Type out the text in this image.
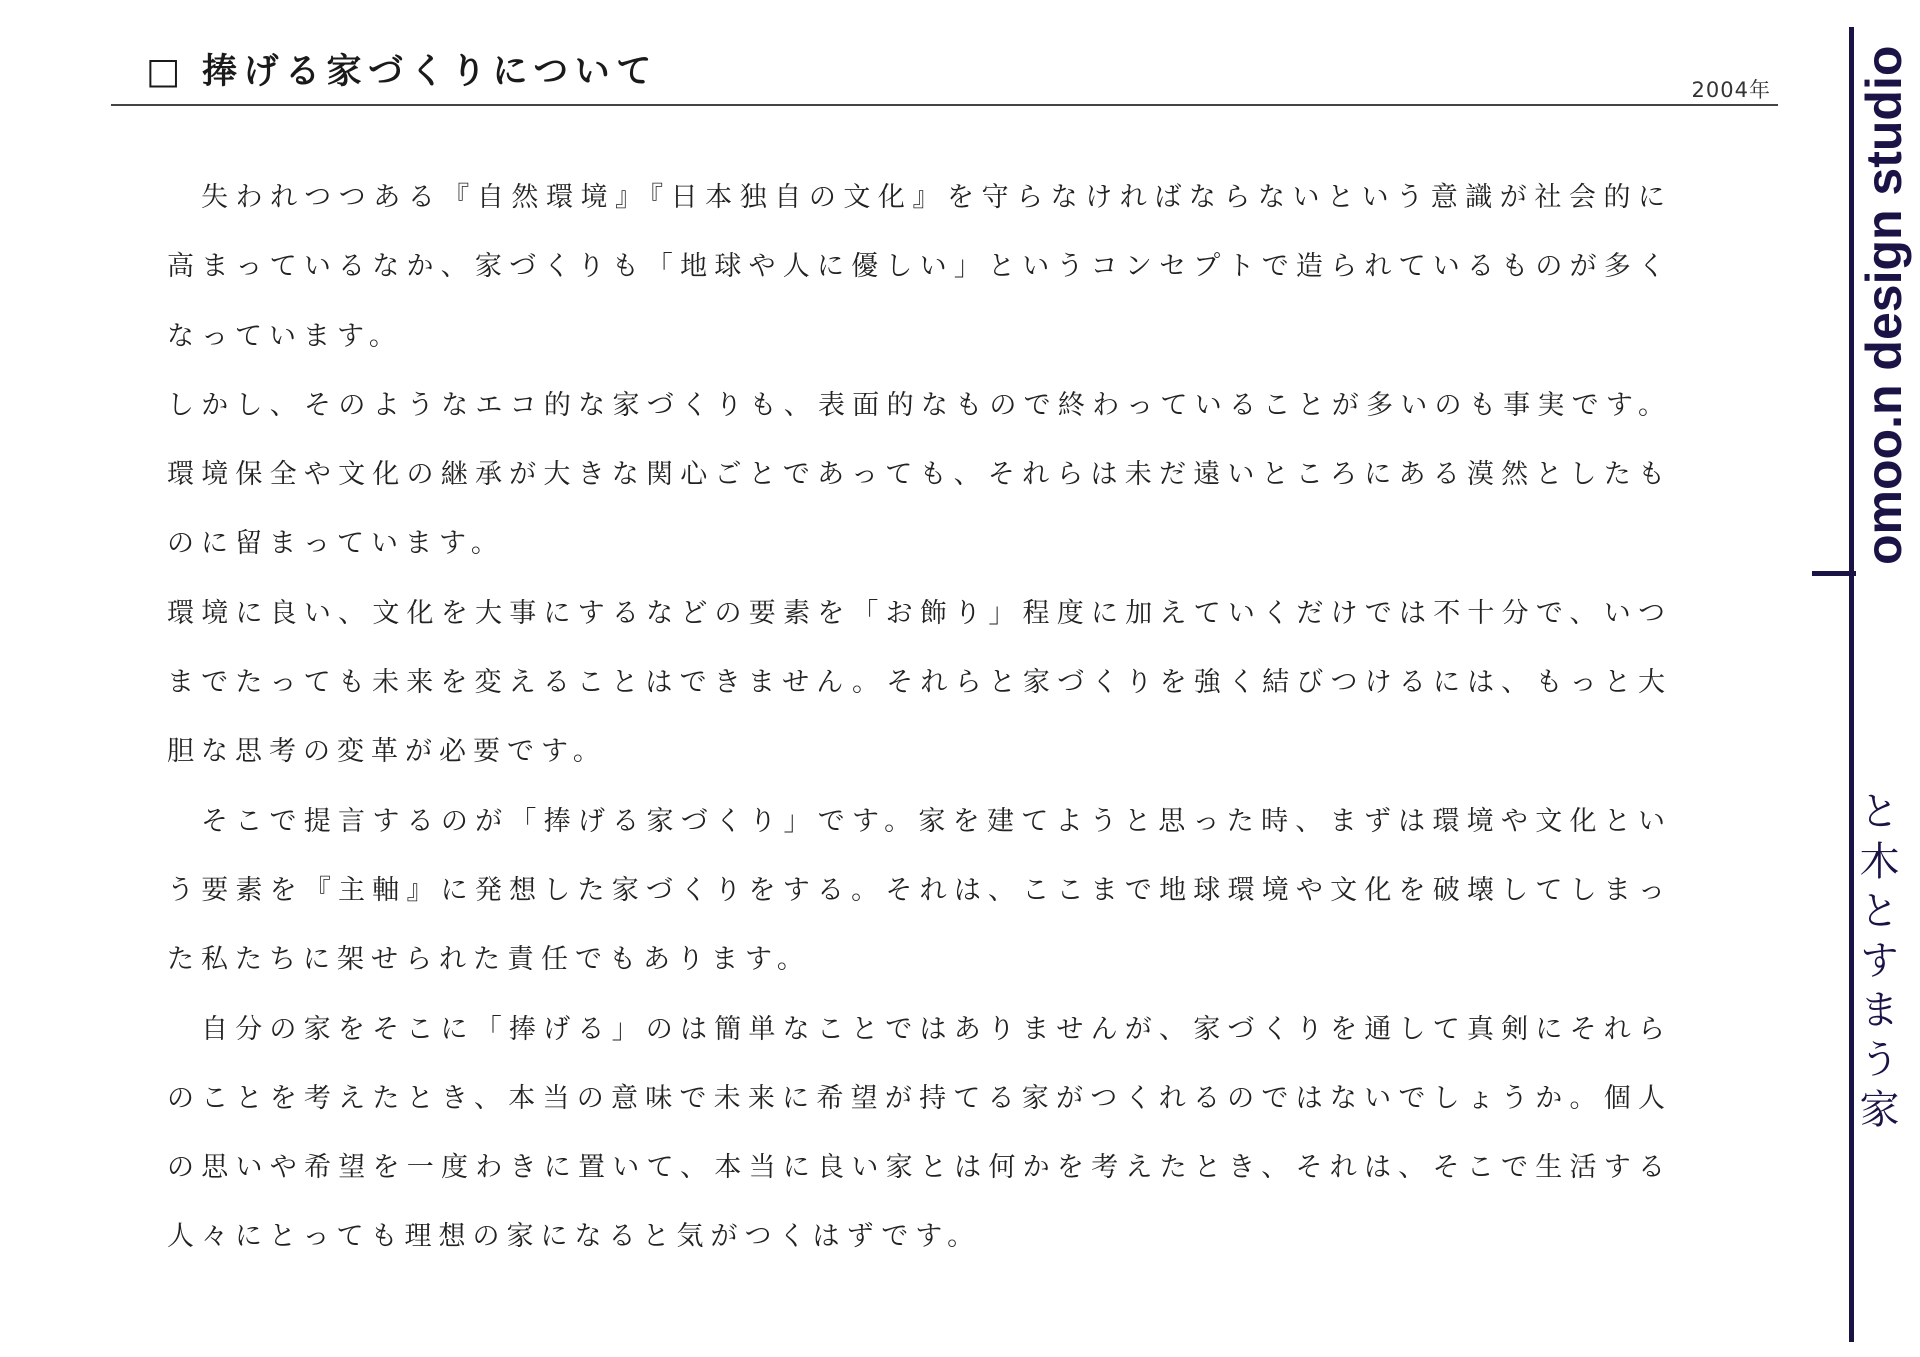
□ 捧げる家づくりについて	2004年
失われつつある『自然環境』『日本独自の文化』を守らなければならないという意識が社会的に
高まっているなか、家づくりも「地球や人に優しい」というコンセプトで造られているものが多く
なっています。
しかし、そのようなエコ的な家づくりも、表面的なもので終わっていることが多いのも事実です。
環境保全や文化の継承が大きな関心ごとであっても、それらは未だ遠いところにある漠然としたも
のに留まっています。
環境に良い、文化を大事にするなどの要素を「お飾り」程度に加えていくだけでは不十分で、いつ
までたっても未来を変えることはできません。それらと家づくりを強く結びつけるには、もっと大
胆な思考の変革が必要です。
そこで提言するのが「捧げる家づくり」です。家を建てようと思った時、まずは環境や文化とい
う要素を『主軸』に発想した家づくりをする。それは、ここまで地球環境や文化を破壊してしまっ
た私たちに架せられた責任でもあります。
自分の家をそこに「捧げる」のは簡単なことではありませんが、家づくりを通して真剣にそれら
のことを考えたとき、本当の意味で未来に希望が持てる家がつくれるのではないでしょうか。個人
の思いや希望を一度わきに置いて、本当に良い家とは何かを考えたとき、それは、そこで生活する
人々にとっても理想の家になると気がつくはずです。
omoo.n design studio
と木とすまう家
